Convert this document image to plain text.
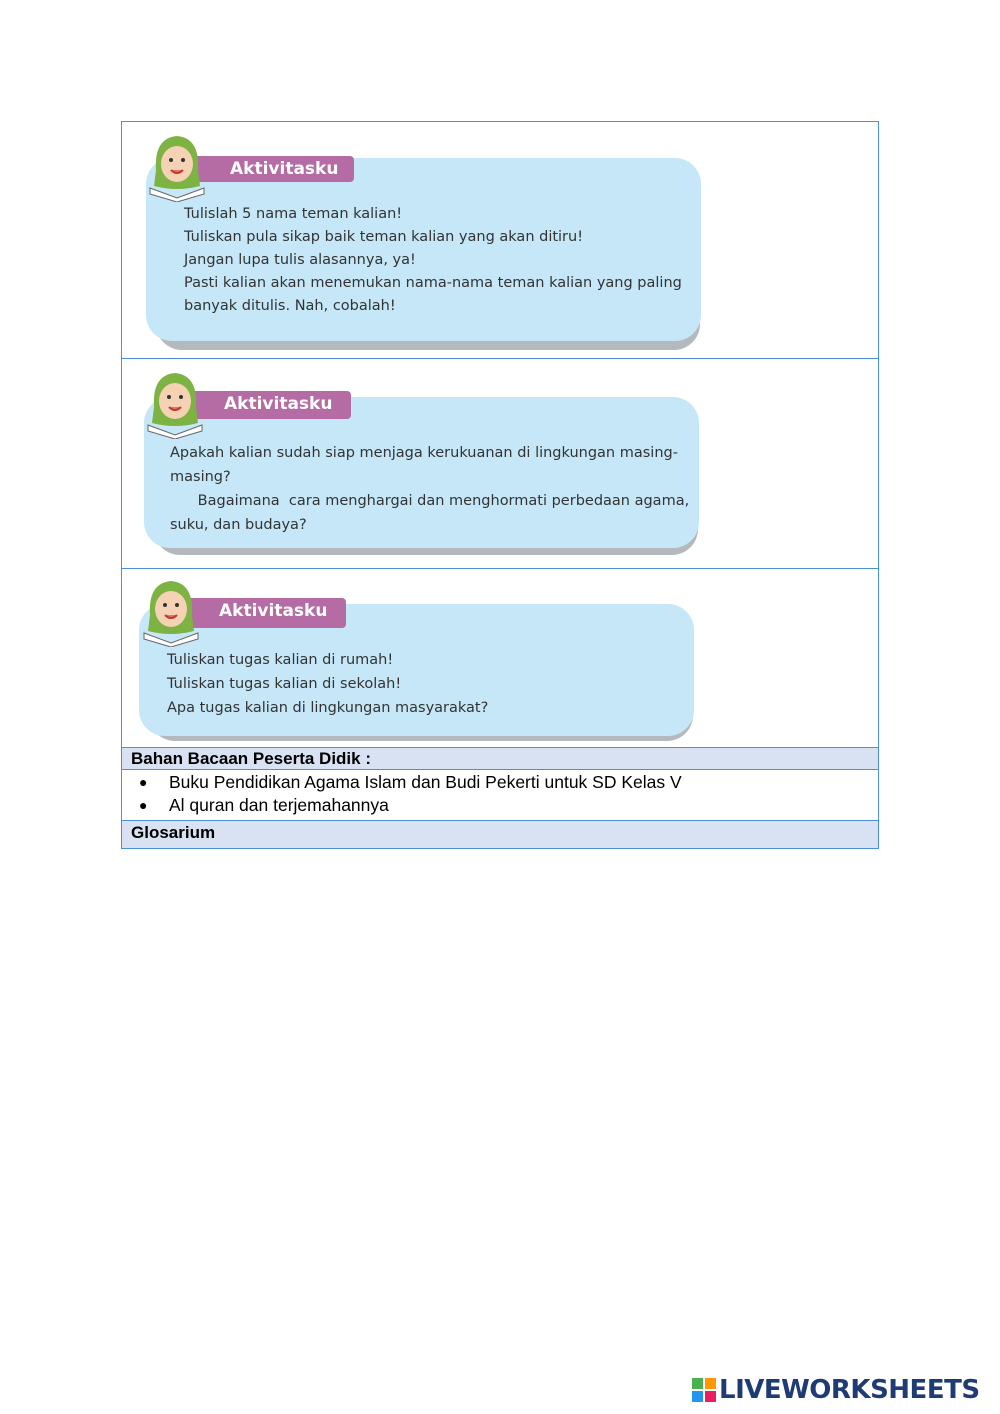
Aktivitasku

Tulislah 5 nama teman kalian!

Tuliskan pula sikap baik teman kalian yang akan ditiru!

Jangan lupa tulis alasannya, ya!

Pasti kalian akan menemukan nama-nama teman kalian yang paling

banyak ditulis. Nah, cobalah!

Aktivitasku

Apakah kalian sudah siap menjaga kerukuanan di lingkungan masing-

masing?

Bagaimana  cara menghargai dan menghormati perbedaan agama,

suku, dan budaya?

Aktivitasku

Tuliskan tugas kalian di rumah!

Tuliskan tugas kalian di sekolah!

Apa tugas kalian di lingkungan masyarakat?

Bahan Bacaan Peserta Didik :
● Buku Pendidikan Agama Islam dan Budi Pekerti untuk SD Kelas V
● Al quran dan terjemahannya
Glosarium
LIVEWORKSHEETS
